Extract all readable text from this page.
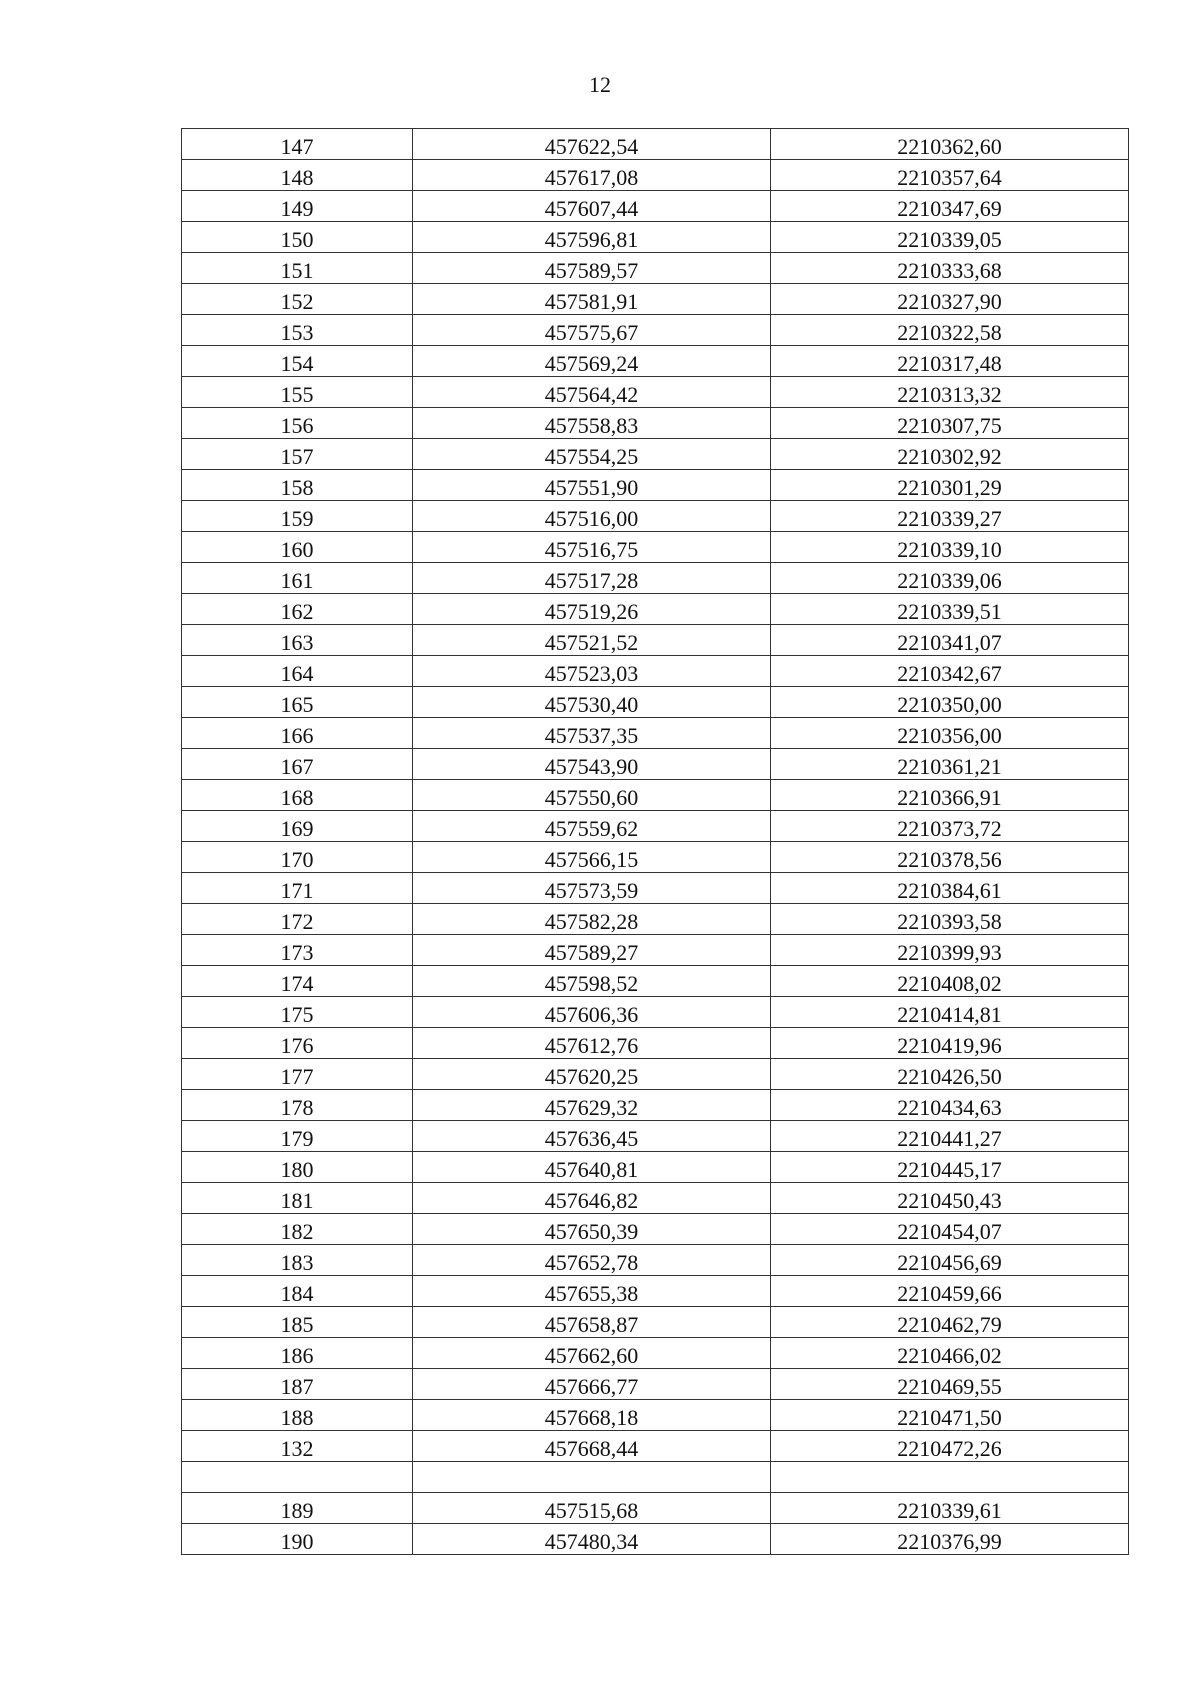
12
147	457622,54	2210362,60
148	457617,08	2210357,64
149	457607,44	2210347,69
150	457596,81	2210339,05
151	457589,57	2210333,68
152	457581,91	2210327,90
153	457575,67	2210322,58
154	457569,24	2210317,48
155	457564,42	2210313,32
156	457558,83	2210307,75
157	457554,25	2210302,92
158	457551,90	2210301,29
159	457516,00	2210339,27
160	457516,75	2210339,10
161	457517,28	2210339,06
162	457519,26	2210339,51
163	457521,52	2210341,07
164	457523,03	2210342,67
165	457530,40	2210350,00
166	457537,35	2210356,00
167	457543,90	2210361,21
168	457550,60	2210366,91
169	457559,62	2210373,72
170	457566,15	2210378,56
171	457573,59	2210384,61
172	457582,28	2210393,58
173	457589,27	2210399,93
174	457598,52	2210408,02
175	457606,36	2210414,81
176	457612,76	2210419,96
177	457620,25	2210426,50
178	457629,32	2210434,63
179	457636,45	2210441,27
180	457640,81	2210445,17
181	457646,82	2210450,43
182	457650,39	2210454,07
183	457652,78	2210456,69
184	457655,38	2210459,66
185	457658,87	2210462,79
186	457662,60	2210466,02
187	457666,77	2210469,55
188	457668,18	2210471,50
132	457668,44	2210472,26

189	457515,68	2210339,61
190	457480,34	2210376,99
